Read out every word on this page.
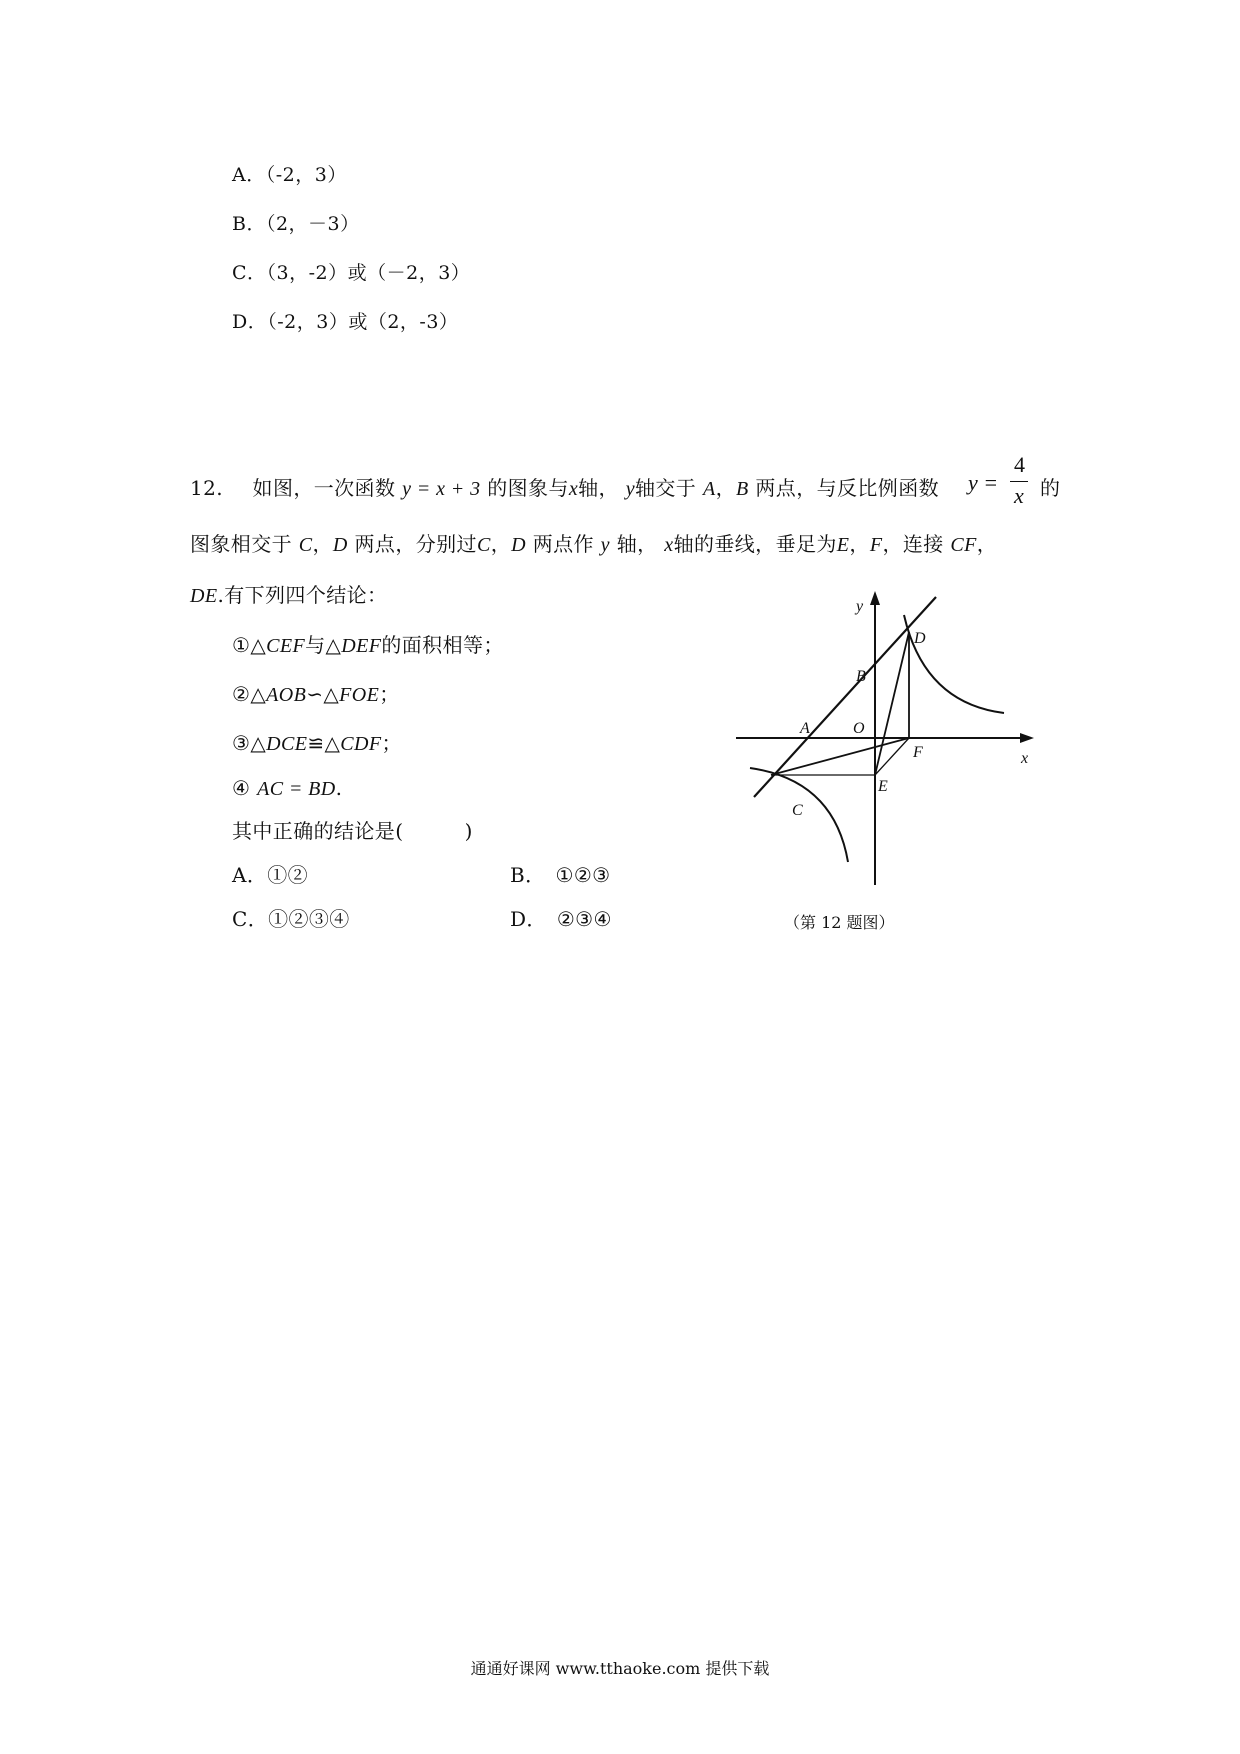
A．（-2，3）
B．（2，－3）
C．（3，-2）或（－2，3）
D．（-2，3）或（2，-3）
12. 如图，一次函数 y = x + 3 的图象与x轴， y轴交于 A，B 两点，与反比例函数 y =
4
x 的
图象相交于 C，D 两点，分别过C，D 两点作 y 轴， x轴的垂线，垂足为E，F，连接 CF，
DE.有下列四个结论：
①△CEF与△DEF的面积相等；
②△AOB∽△FOE；
③△DCE≌△CDF；
④ AC = BD.
其中正确的结论是(　　　)
A．①②	B． ①②③
C．①②③④	D． ②③④
y
x
D
B
A	O
F
E
C
（第 12 题图）
通通好课网 www.tthaoke.com 提供下载
